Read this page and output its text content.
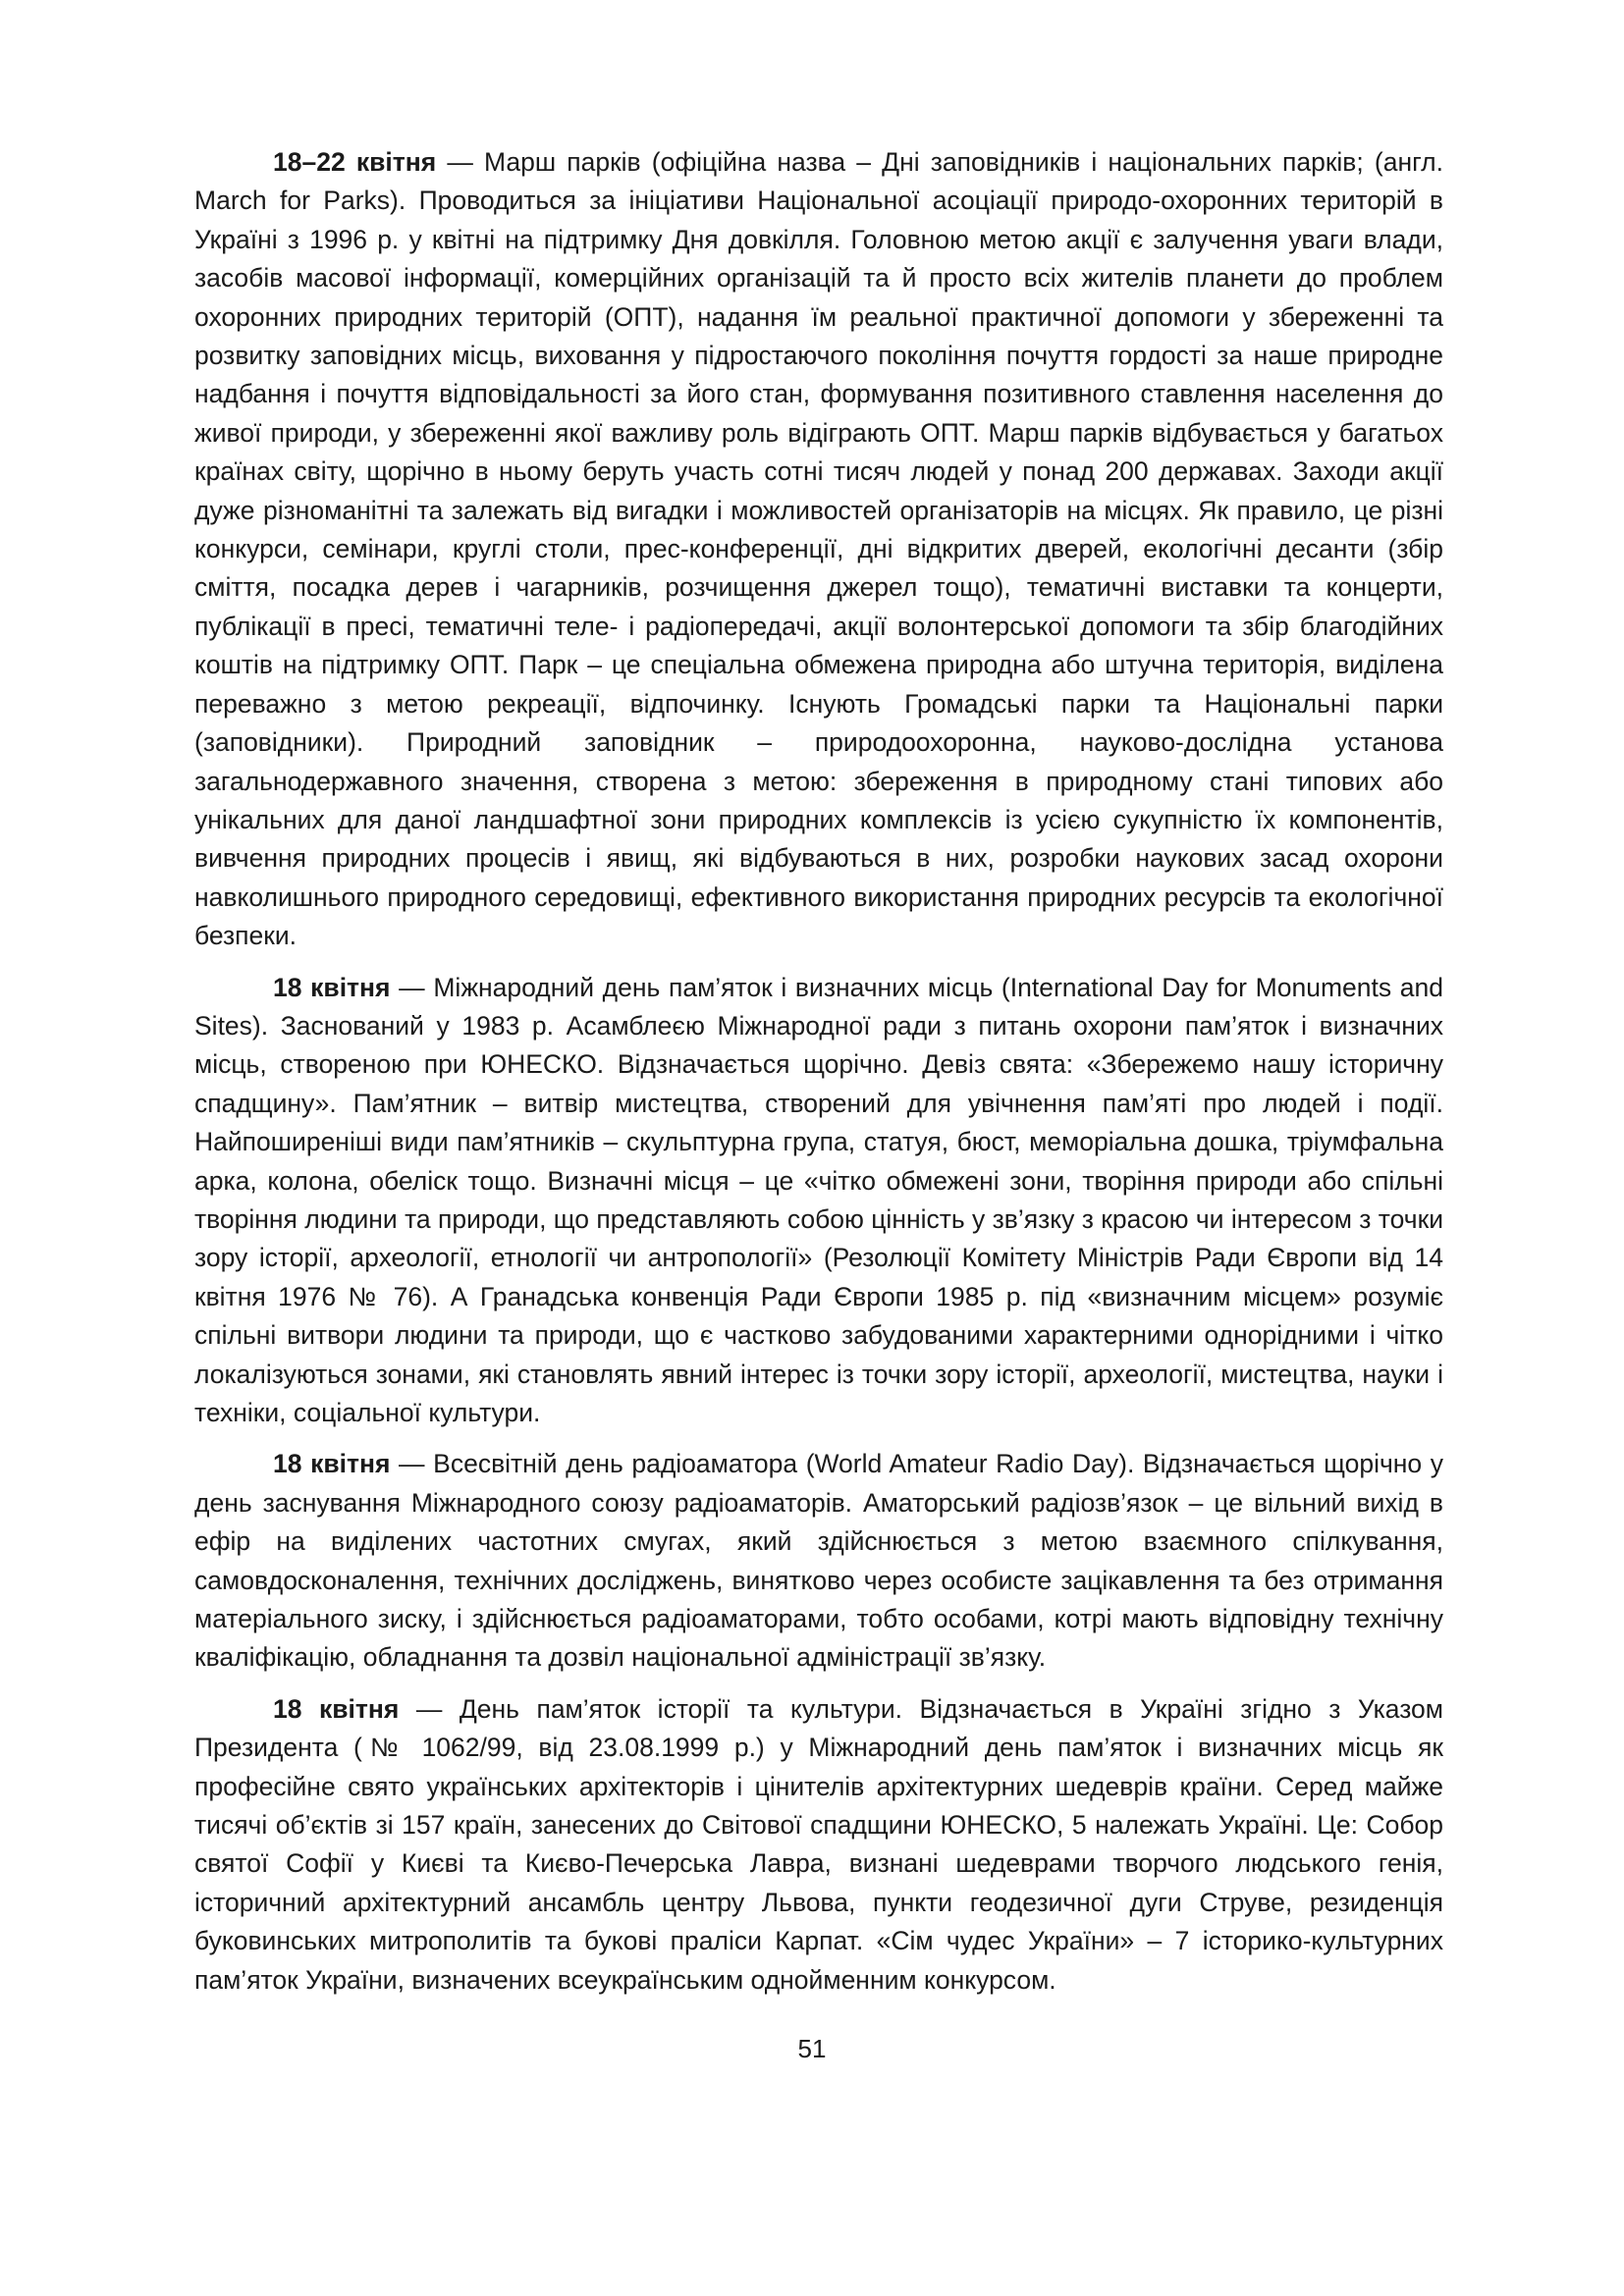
18–22 квітня — Марш парків (офіційна назва – Дні заповідників і національних парків; (англ. March for Parks). Проводиться за ініціативи Національної асоціації природо-охоронних територій в Україні з 1996 р. у квітні на підтримку Дня довкілля. Головною метою акції є залучення уваги влади, засобів масової інформації, комерційних організацій та й просто всіх жителів планети до проблем охоронних природних територій (ОПТ), надання їм реальної практичної допомоги у збереженні та розвитку заповідних місць, виховання у підростаючого покоління почуття гордості за наше природне надбання і почуття відповідальності за його стан, формування позитивного ставлення населення до живої природи, у збереженні якої важливу роль відіграють ОПТ. Марш парків відбувається у багатьох країнах світу, щорічно в ньому беруть участь сотні тисяч людей у понад 200 державах. Заходи акції дуже різноманітні та залежать від вигадки і можливостей організаторів на місцях. Як правило, це різні конкурси, семінари, круглі столи, прес-конференції, дні відкритих дверей, екологічні десанти (збір сміття, посадка дерев і чагарників, розчищення джерел тощо), тематичні виставки та концерти, публікації в пресі, тематичні теле- і радіопередачі, акції волонтерської допомоги та збір благодійних коштів на підтримку ОПТ. Парк – це спеціальна обмежена природна або штучна територія, виділена переважно з метою рекреації, відпочинку. Існують Громадські парки та Національні парки (заповідники). Природний заповідник – природоохоронна, науково-дослідна установа загальнодержавного значення, створена з метою: збереження в природному стані типових або унікальних для даної ландшафтної зони природних комплексів із усією сукупністю їх компонентів, вивчення природних процесів і явищ, які відбуваються в них, розробки наукових засад охорони навколишнього природного середовищі, ефективного використання природних ресурсів та екологічної безпеки.

18 квітня — Міжнародний день пам’яток і визначних місць (International Day for Monuments and Sites). Заснований у 1983 р. Асамблеєю Міжнародної ради з питань охорони пам’яток і визначних місць, створеною при ЮНЕСКО. Відзначається щорічно. Девіз свята: «Збережемо нашу історичну спадщину». Пам’ятник – витвір мистецтва, створений для увічнення пам’яті про людей і події. Найпоширеніші види пам’ятників – скульптурна група, статуя, бюст, меморіальна дошка, тріумфальна арка, колона, обеліск тощо. Визначні місця – це «чітко обмежені зони, творіння природи або спільні творіння людини та природи, що представляють собою цінність у зв’язку з красою чи інтересом з точки зору історії, археології, етнології чи антропології» (Резолюції Комітету Міністрів Ради Європи від 14 квітня 1976 № 76). А Гранадська конвенція Ради Європи 1985 р. під «визначним місцем» розуміє спільні витвори людини та природи, що є частково забудованими характерними однорідними і чітко локалізуються зонами, які становлять явний інтерес із точки зору історії, археології, мистецтва, науки і техніки, соціальної культури.

18 квітня — Всесвітній день радіоаматора (World Amateur Radio Day). Відзначається щорічно у день заснування Міжнародного союзу радіоаматорів. Аматорський радіозв’язок – це вільний вихід в ефір на виділених частотних смугах, який здійснюється з метою взаємного спілкування, самовдосконалення, технічних досліджень, винятково через особисте зацікавлення та без отримання матеріального зиску, і здійснюється радіоаматорами, тобто особами, котрі мають відповідну технічну кваліфікацію, обладнання та дозвіл національної адміністрації зв’язку.

18 квітня — День пам’яток історії та культури. Відзначається в Україні згідно з Указом Президента (№ 1062/99, від 23.08.1999 р.) у Міжнародний день пам’яток і визначних місць як професійне свято українських архітекторів і цінителів архітектурних шедеврів країни. Серед майже тисячі об’єктів зі 157 країн, занесених до Світової спадщини ЮНЕСКО, 5 належать Україні. Це: Собор святої Софії у Києві та Києво-Печерська Лавра, визнані шедеврами творчого людського генія, історичний архітектурний ансамбль центру Львова, пункти геодезичної дуги Струве, резиденція буковинських митрополитів та букові праліси Карпат. «Сім чудес України» – 7 історико-культурних пам’яток України, визначених всеукраїнським однойменним конкурсом.

51
